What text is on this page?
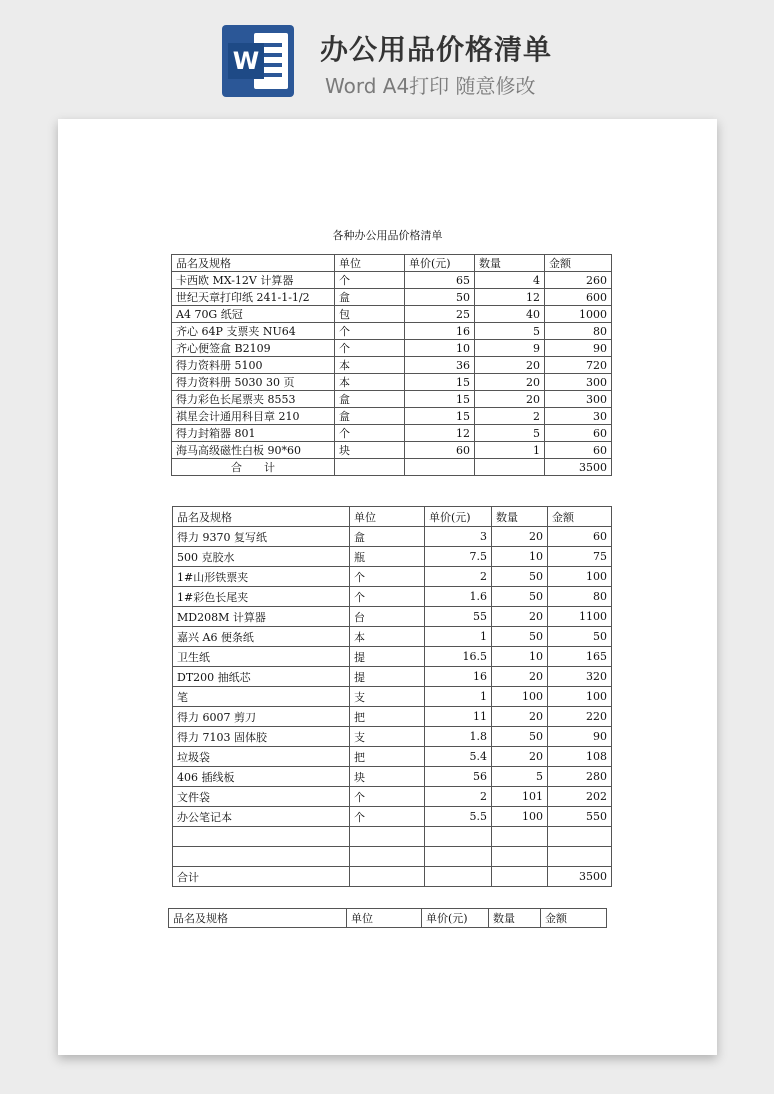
W 办公用品价格清单
Word A4打印 随意修改
各种办公用品价格清单
品名及规格	单位	单价(元)	数量	金额
卡西欧 MX-12V 计算器	个	65	4	260
世纪天章打印纸 241-1-1/2	盒	50	12	600
A4 70G 纸冠	包	25	40	1000
齐心 64P 支票夹 NU64	个	16	5	80
齐心便签盒 B2109	个	10	9	90
得力资料册 5100	本	36	20	720
得力资料册 5030 30 页	本	15	20	300
得力彩色长尾票夹 8553	盒	15	20	300
祺星会计通用科目章 210	盒	15	2	30
得力封箱器 801	个	12	5	60
海马高级磁性白板 90*60	块	60	1	60
合　　计				3500
品名及规格	单位	单价(元)	数量	金额
得力 9370 复写纸	盒	3	20	60
500 克胶水	瓶	7.5	10	75
1#山形铁票夹	个	2	50	100
1#彩色长尾夹	个	1.6	50	80
MD208M 计算器	台	55	20	1100
嘉兴 A6 便条纸	本	1	50	50
卫生纸	提	16.5	10	165
DT200 抽纸芯	提	16	20	320
笔	支	1	100	100
得力 6007 剪刀	把	11	20	220
得力 7103 固体胶	支	1.8	50	90
垃圾袋	把	5.4	20	108
406 插线板	块	56	5	280
文件袋	个	2	101	202
办公笔记本	个	5.5	100	550

合计				3500
品名及规格	单位	单价(元)	数量	金额
